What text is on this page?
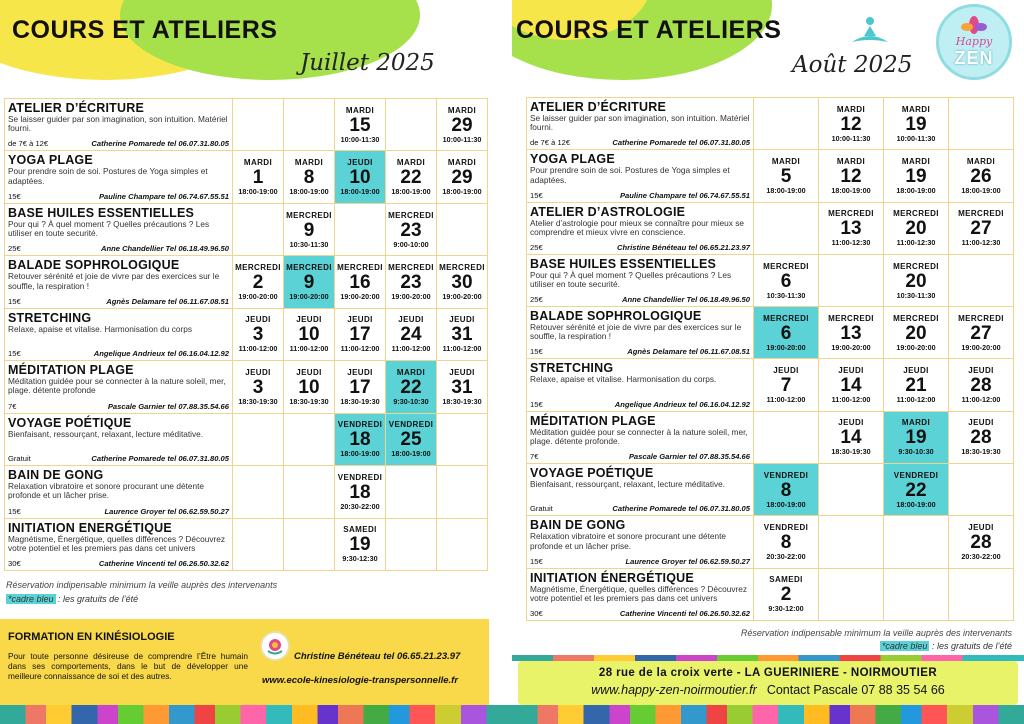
COURS ET ATELIERS
Juillet 2025
ATELIER D’ÉCRITURE
Se laisser guider par son imagination, son intuition. Matériel fourni.
de 7€ à 12€	Catherine Pomarede tel 06.07.31.80.05
MARDI
15
10:00-11:30
MARDI
29
10:00-11:30
YOGA PLAGE
Pour prendre soin de soi. Postures de Yoga simples et adaptées.
15€	Pauline Champare tel 06.74.67.55.51
MARDI
1
18:00-19:00
MARDI
8
18:00-19:00
JEUDI
10
18:00-19:00
MARDI
22
18:00-19:00
MARDI
29
18:00-19:00
BASE HUILES ESSENTIELLES
Pour qui ? À quel moment ? Quelles précautions ? Les utiliser en toute securité.
25€	Anne Chandellier Tel 06.18.49.96.50
MERCREDI
9
10:30-11:30
MERCREDI
23
9:00-10:00
BALADE SOPHROLOGIQUE
Retouver sérénité et joie de vivre par des exercices sur le souffle, la respiration !
15€	Agnès Delamare tel 06.11.67.08.51
MERCREDI
2
19:00-20:00
MERCREDI
9
19:00-20:00
MERCREDI
16
19:00-20:00
MERCREDI
23
19:00-20:00
MERCREDI
30
19:00-20:00
STRETCHING
Relaxe, apaise et vitalise. Harmonisation du corps
15€	Angelique Andrieux tel 06.16.04.12.92
JEUDI
3
11:00-12:00
JEUDI
10
11:00-12:00
JEUDI
17
11:00-12:00
JEUDI
24
11:00-12:00
JEUDI
31
11:00-12:00
MÉDITATION PLAGE
Méditation guidée pour se connecter à la nature soleil, mer, plage. détente profonde
7€	Pascale Garnier tel 07.88.35.54.66
JEUDI
3
18:30-19:30
JEUDI
10
18:30-19:30
JEUDI
17
18:30-19:30
MARDI
22
9:30-10:30
JEUDI
31
18:30-19:30
VOYAGE POÉTIQUE
Bienfaisant, ressourçant, relaxant, lecture méditative.
Gratuit	Catherine Pomarede tel 06.07.31.80.05
VENDREDI
18
18:00-19:00
VENDREDI
25
18:00-19:00
BAIN DE GONG
Relaxation vibratoire et sonore procurant une détente profonde et un lâcher prise.
15€	Laurence Groyer tel 06.62.59.50.27
VENDREDI
18
20:30-22:00
INITIATION ENERGÉTIQUE
Magnétisme, Énergétique, quelles différences ? Découvrez votre potentiel et les premiers pas dans cet univers
30€	Catherine Vincenti tel 06.26.50.32.62
SAMEDI
19
9:30-12:30
Réservation indipensable minimum la veille auprès des intervenants
*cadre bleu : les gratuits de l’été
FORMATION EN KINÉSIOLOGIE
Pour toute personne désireuse de comprendre l’Être humain dans ses comportements, dans le but de développer une meilleure connaissance de soi et des autres.
Christine Bénéteau tel 06.65.21.23.97
www.ecole-kinesiologie-transpersonnelle.fr
COURS ET ATELIERS
Août 2025
Happy
ZEN
ATELIER D’ÉCRITURE
Se laisser guider par son imagination, son intuition. Matériel fourni.
de 7€ à 12€	Catherine Pomarede tel 06.07.31.80.05
MARDI
12
10:00-11:30
MARDI
19
10:00-11:30
YOGA PLAGE
Pour prendre soin de soi. Postures de Yoga simples et adaptées.
15€	Pauline Champare tel 06.74.67.55.51
MARDI
5
18:00-19:00
MARDI
12
18:00-19:00
MARDI
19
18:00-19:00
MARDI
26
18:00-19:00
ATELIER D’ASTROLOGIE
Atelier d’astrologie pour mieux se connaître pour mieux se comprendre et mieux vivre en conscience.
25€	Christine Bénéteau tel 06.65.21.23.97
MERCREDI
13
11:00-12:30
MERCREDI
20
11:00-12:30
MERCREDI
27
11:00-12:30
BASE HUILES ESSENTIELLES
Pour qui ? À quel moment ? Quelles précautions ? Les utiliser en toute securité.
25€	Anne Chandellier Tel 06.18.49.96.50
MERCREDI
6
10:30-11:30
MERCREDI
20
10:30-11:30
BALADE SOPHROLOGIQUE
Retouver sérénité et joie de vivre par des exercices sur le souffle, la respiration !
15€	Agnès Delamare tel 06.11.67.08.51
MERCREDI
6
19:00-20:00
MERCREDI
13
19:00-20:00
MERCREDI
20
19:00-20:00
MERCREDI
27
19:00-20:00
STRETCHING
Relaxe, apaise et vitalise. Harmonisation du corps.
15€	Angelique Andrieux tel 06.16.04.12.92
JEUDI
7
11:00-12:00
JEUDI
14
11:00-12:00
JEUDI
21
11:00-12:00
JEUDI
28
11:00-12:00
MÉDITATION PLAGE
Méditation guidée pour se connecter à la nature soleil, mer, plage. détente profonde.
7€	Pascale Garnier tel 07.88.35.54.66
JEUDI
14
18:30-19:30
MARDI
19
9:30-10:30
JEUDI
28
18:30-19:30
VOYAGE POÉTIQUE
Bienfaisant, ressourçant, relaxant, lecture méditative.
Gratuit	Catherine Pomarede tel 06.07.31.80.05
VENDREDI
8
18:00-19:00
VENDREDI
22
18:00-19:00
BAIN DE GONG
Relaxation vibratoire et sonore procurant une détente profonde et un lâcher prise.
15€	Laurence Groyer tel 06.62.59.50.27
VENDREDI
8
20:30-22:00
JEUDI
28
20:30-22:00
INITIATION ÉNERGÉTIQUE
Magnétisme, Énergétique, quelles différences ? Découvrez votre potentiel et les premiers pas dans cet univers
30€	Catherine Vincenti tel 06.26.50.32.62
SAMEDI
2
9:30-12:00
Réservation indipensable minimum la veille auprès des intervenants
*cadre bleu : les gratuits de l’été
28 rue de la croix verte - LA GUERINIERE - NOIRMOUTIER
www.happy-zen-noirmoutier.fr Contact Pascale 07 88 35 54 66
